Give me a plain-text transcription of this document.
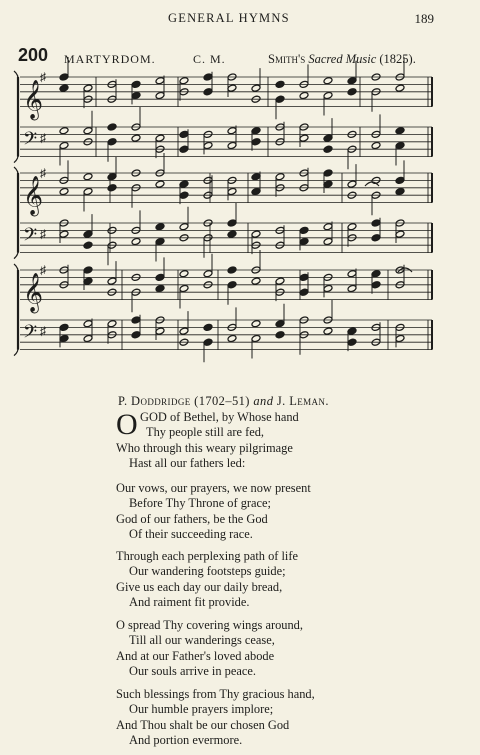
GENERAL HYMNS	189
200 MARTYRDOM.	C. M.	Smith's Sacred Music (1825).
𝄞
♯
𝄢 ♯
𝄞
♯
𝄢 ♯
𝄞
♯
𝄢 ♯
P. Doddridge (1702–51) and J. Leman.
O GOD of Bethel, by Whose hand
Thy people still are fed,
Who through this weary pilgrimage
Hast all our fathers led:
Our vows, our prayers, we now present
Before Thy Throne of grace;
God of our fathers, be the God
Of their succeeding race.
Through each perplexing path of life
Our wandering footsteps guide;
Give us each day our daily bread,
And raiment fit provide.
O spread Thy covering wings around,
Till all our wanderings cease,
And at our Father's loved abode
Our souls arrive in peace.
Such blessings from Thy gracious hand,
Our humble prayers implore;
And Thou shalt be our chosen God
And portion evermore.
